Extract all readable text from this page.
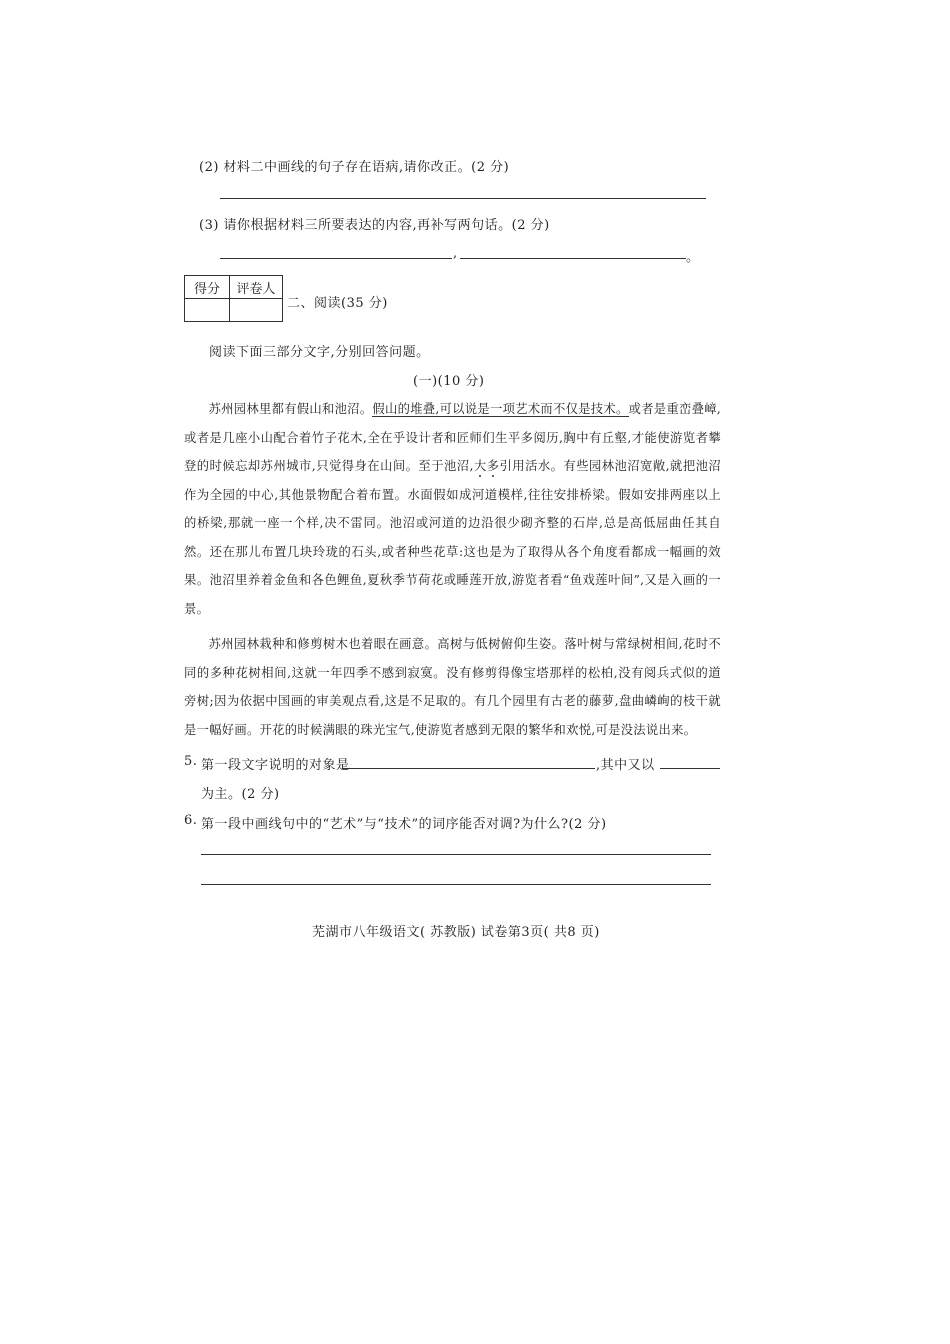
(2) 材料二中画线的句子存在语病,请你改正。(2 分)
(3) 请你根据材料三所要表达的内容,再补写两句话。(2 分)
,	。
得分	评卷人

二、阅读(35 分)
阅读下面三部分文字,分别回答问题。
(一)(10 分)
苏州园林里都有假山和池沼。假山的堆叠,可以说是一项艺术而不仅是技术。或者是重峦叠嶂,或者是几座小山配合着竹子花木,全在乎设计者和匠师们生平多阅历,胸中有丘壑,才能使游览者攀登的时候忘却苏州城市,只觉得身在山间。至于池沼,大多引用活水。有些园林池沼宽敞,就把池沼作为全园的中心,其他景物配合着布置。水面假如成河道模样,往往安排桥梁。假如安排两座以上的桥梁,那就一座一个样,决不雷同。池沼或河道的边沿很少砌齐整的石岸,总是高低屈曲任其自然。还在那儿布置几块玲珑的石头,或者种些花草:这也是为了取得从各个角度看都成一幅画的效果。池沼里养着金鱼和各色鲤鱼,夏秋季节荷花或睡莲开放,游览者看“鱼戏莲叶间”,又是入画的一景。
苏州园林栽种和修剪树木也着眼在画意。高树与低树俯仰生姿。落叶树与常绿树相间,花时不同的多种花树相间,这就一年四季不感到寂寞。没有修剪得像宝塔那样的松柏,没有阅兵式似的道旁树;因为依据中国画的审美观点看,这是不足取的。有几个园里有古老的藤萝,盘曲嶙峋的枝干就是一幅好画。开花的时候满眼的珠光宝气,使游览者感到无限的繁华和欢悦,可是没法说出来。
5. 第一段文字说明的对象是	,其中又以
为主。(2 分)
6. 第一段中画线句中的“艺术”与“技术”的词序能否对调?为什么?(2 分)
芜湖市八年级语文( 苏教版) 试卷第3页( 共8 页)
